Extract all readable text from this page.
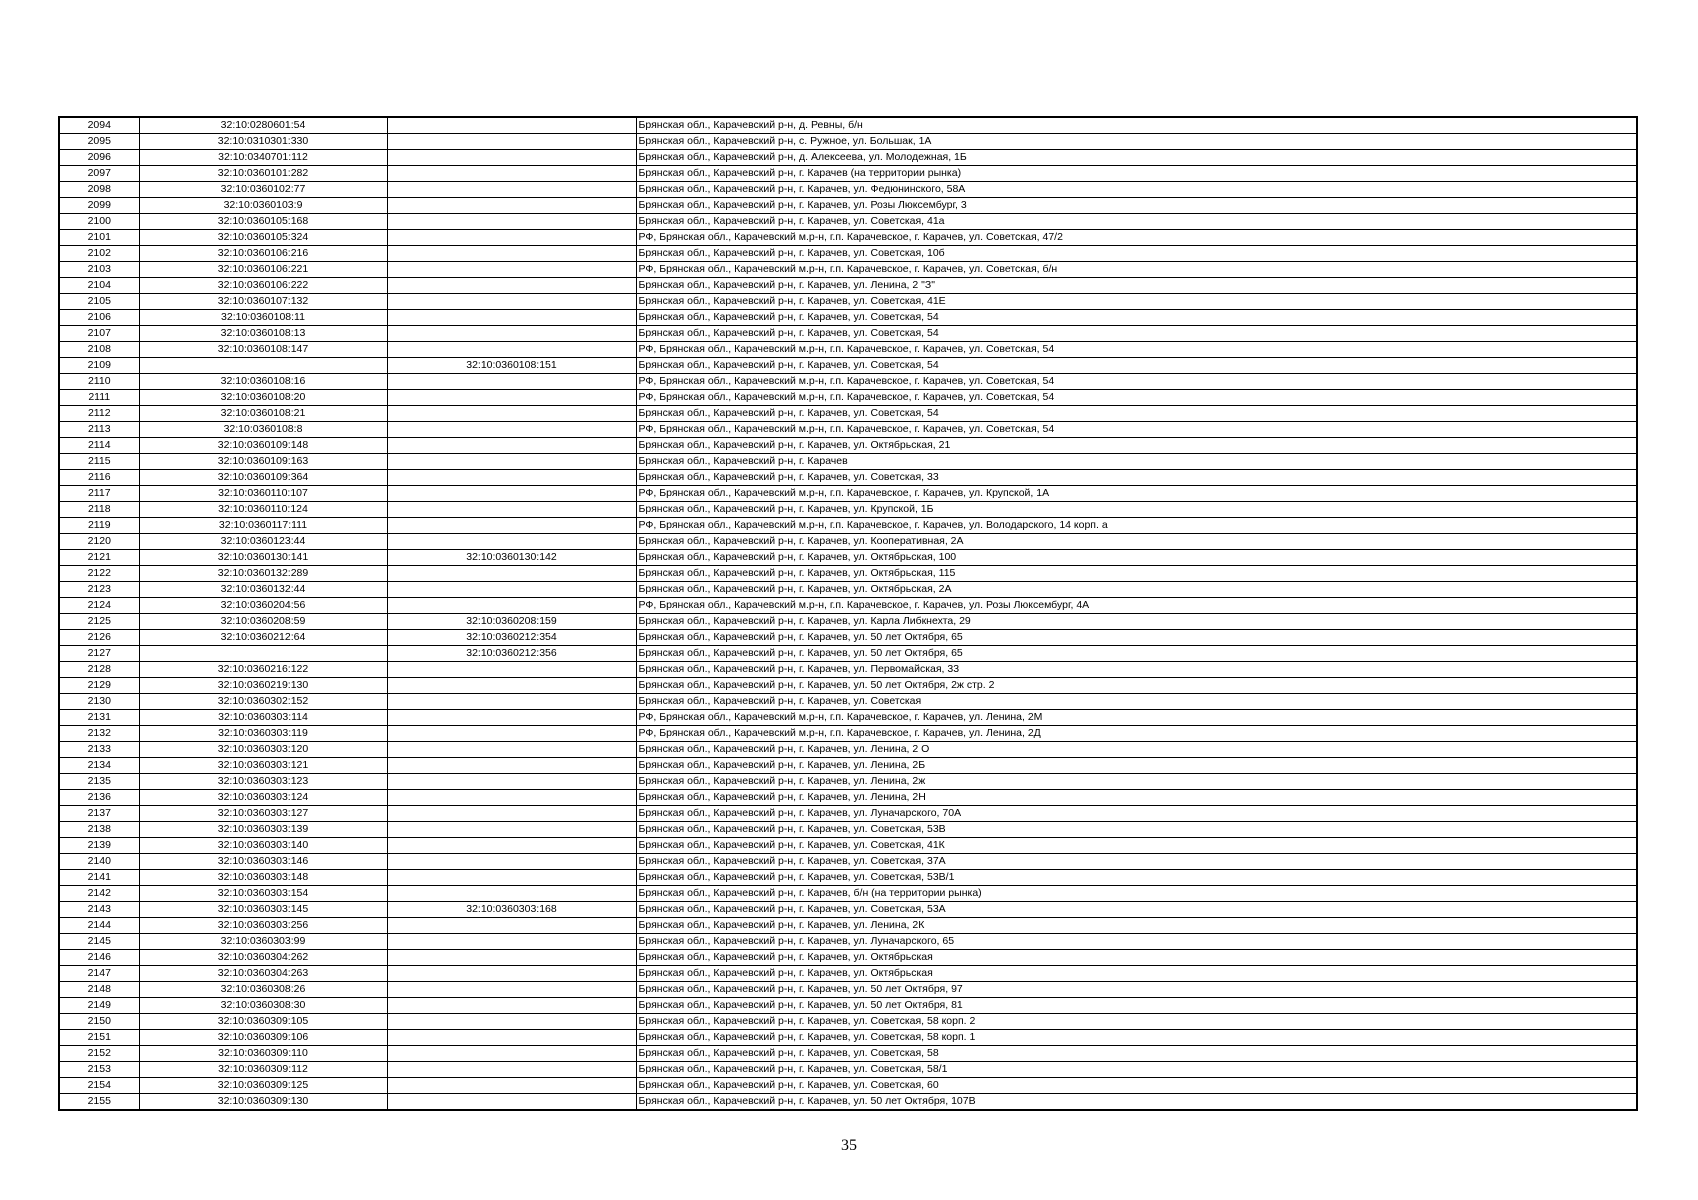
2094	32:10:0280601:54		Брянская обл., Карачевский р-н, д. Ревны, б/н
2095	32:10:0310301:330		Брянская обл., Карачевский р-н, с. Ружное, ул. Большак, 1А
2096	32:10:0340701:112		Брянская обл., Карачевский р-н, д. Алексеева, ул. Молодежная, 1Б
2097	32:10:0360101:282		Брянская обл., Карачевский р-н, г. Карачев (на территории рынка)
2098	32:10:0360102:77		Брянская обл., Карачевский р-н, г. Карачев, ул. Федюнинского, 58А
2099	32:10:0360103:9		Брянская обл., Карачевский р-н, г. Карачев, ул. Розы Люксембург, 3
2100	32:10:0360105:168		Брянская обл., Карачевский р-н, г. Карачев, ул. Советская, 41а
2101	32:10:0360105:324		РФ, Брянская обл., Карачевский м.р-н, г.п. Карачевское, г. Карачев, ул. Советская, 47/2
2102	32:10:0360106:216		Брянская обл., Карачевский р-н, г. Карачев, ул. Советская, 10б
2103	32:10:0360106:221		РФ, Брянская обл., Карачевский м.р-н, г.п. Карачевское, г. Карачев, ул. Советская, б/н
2104	32:10:0360106:222		Брянская обл., Карачевский р-н, г. Карачев, ул. Ленина, 2 "З"
2105	32:10:0360107:132		Брянская обл., Карачевский р-н, г. Карачев, ул. Советская, 41Е
2106	32:10:0360108:11		Брянская обл., Карачевский р-н, г. Карачев, ул. Советская, 54
2107	32:10:0360108:13		Брянская обл., Карачевский р-н, г. Карачев, ул. Советская, 54
2108	32:10:0360108:147		РФ, Брянская обл., Карачевский м.р-н, г.п. Карачевское, г. Карачев, ул. Советская, 54
2109		32:10:0360108:151	Брянская обл., Карачевский р-н, г. Карачев, ул. Советская, 54
2110	32:10:0360108:16		РФ, Брянская обл., Карачевский м.р-н, г.п. Карачевское, г. Карачев, ул. Советская, 54
2111	32:10:0360108:20		РФ, Брянская обл., Карачевский м.р-н, г.п. Карачевское, г. Карачев, ул. Советская, 54
2112	32:10:0360108:21		Брянская обл., Карачевский р-н, г. Карачев, ул. Советская, 54
2113	32:10:0360108:8		РФ, Брянская обл., Карачевский м.р-н, г.п. Карачевское, г. Карачев, ул. Советская, 54
2114	32:10:0360109:148		Брянская обл., Карачевский р-н, г. Карачев, ул. Октябрьская, 21
2115	32:10:0360109:163		Брянская обл., Карачевский р-н, г. Карачев
2116	32:10:0360109:364		Брянская обл., Карачевский р-н, г. Карачев, ул. Советская, 33
2117	32:10:0360110:107		РФ, Брянская обл., Карачевский м.р-н, г.п. Карачевское, г. Карачев, ул. Крупской, 1А
2118	32:10:0360110:124		Брянская обл., Карачевский р-н, г. Карачев, ул. Крупской, 1Б
2119	32:10:0360117:111		РФ, Брянская обл., Карачевский м.р-н, г.п. Карачевское, г. Карачев, ул. Володарского, 14 корп. а
2120	32:10:0360123:44		Брянская обл., Карачевский р-н, г. Карачев, ул. Кооперативная, 2А
2121	32:10:0360130:141	32:10:0360130:142	Брянская обл., Карачевский р-н, г. Карачев, ул. Октябрьская, 100
2122	32:10:0360132:289		Брянская обл., Карачевский р-н, г. Карачев, ул. Октябрьская, 115
2123	32:10:0360132:44		Брянская обл., Карачевский р-н, г. Карачев, ул. Октябрьская, 2А
2124	32:10:0360204:56		РФ, Брянская обл., Карачевский м.р-н, г.п. Карачевское, г. Карачев, ул. Розы Люксембург, 4А
2125	32:10:0360208:59	32:10:0360208:159	Брянская обл., Карачевский р-н, г. Карачев, ул. Карла Либкнехта, 29
2126	32:10:0360212:64	32:10:0360212:354	Брянская обл., Карачевский р-н, г. Карачев, ул. 50 лет Октября, 65
2127		32:10:0360212:356	Брянская обл., Карачевский р-н, г. Карачев, ул. 50 лет Октября, 65
2128	32:10:0360216:122		Брянская обл., Карачевский р-н, г. Карачев, ул. Первомайская, 33
2129	32:10:0360219:130		Брянская обл., Карачевский р-н, г. Карачев, ул. 50 лет Октября, 2ж стр. 2
2130	32:10:0360302:152		Брянская обл., Карачевский р-н, г. Карачев, ул. Советская
2131	32:10:0360303:114		РФ, Брянская обл., Карачевский м.р-н, г.п. Карачевское, г. Карачев, ул. Ленина, 2М
2132	32:10:0360303:119		РФ, Брянская обл., Карачевский м.р-н, г.п. Карачевское, г. Карачев, ул. Ленина, 2Д
2133	32:10:0360303:120		Брянская обл., Карачевский р-н, г. Карачев, ул. Ленина, 2 О
2134	32:10:0360303:121		Брянская обл., Карачевский р-н, г. Карачев, ул. Ленина, 2Б
2135	32:10:0360303:123		Брянская обл., Карачевский р-н, г. Карачев, ул. Ленина, 2ж
2136	32:10:0360303:124		Брянская обл., Карачевский р-н, г. Карачев, ул. Ленина, 2Н
2137	32:10:0360303:127		Брянская обл., Карачевский р-н, г. Карачев, ул. Луначарского, 70А
2138	32:10:0360303:139		Брянская обл., Карачевский р-н, г. Карачев, ул. Советская, 53В
2139	32:10:0360303:140		Брянская обл., Карачевский р-н, г. Карачев, ул. Советская, 41К
2140	32:10:0360303:146		Брянская обл., Карачевский р-н, г. Карачев, ул. Советская, 37А
2141	32:10:0360303:148		Брянская обл., Карачевский р-н, г. Карачев, ул. Советская, 53В/1
2142	32:10:0360303:154		Брянская обл., Карачевский р-н, г. Карачев, б/н (на территории рынка)
2143	32:10:0360303:145	32:10:0360303:168	Брянская обл., Карачевский р-н, г. Карачев, ул. Советская, 53А
2144	32:10:0360303:256		Брянская обл., Карачевский р-н, г. Карачев, ул. Ленина, 2К
2145	32:10:0360303:99		Брянская обл., Карачевский р-н, г. Карачев, ул. Луначарского, 65
2146	32:10:0360304:262		Брянская обл., Карачевский р-н, г. Карачев, ул. Октябрьская
2147	32:10:0360304:263		Брянская обл., Карачевский р-н, г. Карачев, ул. Октябрьская
2148	32:10:0360308:26		Брянская обл., Карачевский р-н, г. Карачев, ул. 50 лет Октября, 97
2149	32:10:0360308:30		Брянская обл., Карачевский р-н, г. Карачев, ул. 50 лет Октября, 81
2150	32:10:0360309:105		Брянская обл., Карачевский р-н, г. Карачев, ул. Советская, 58 корп. 2
2151	32:10:0360309:106		Брянская обл., Карачевский р-н, г. Карачев, ул. Советская, 58 корп. 1
2152	32:10:0360309:110		Брянская обл., Карачевский р-н, г. Карачев, ул. Советская, 58
2153	32:10:0360309:112		Брянская обл., Карачевский р-н, г. Карачев, ул. Советская, 58/1
2154	32:10:0360309:125		Брянская обл., Карачевский р-н, г. Карачев, ул. Советская, 60
2155	32:10:0360309:130		Брянская обл., Карачевский р-н, г. Карачев, ул. 50 лет Октября, 107В
35
